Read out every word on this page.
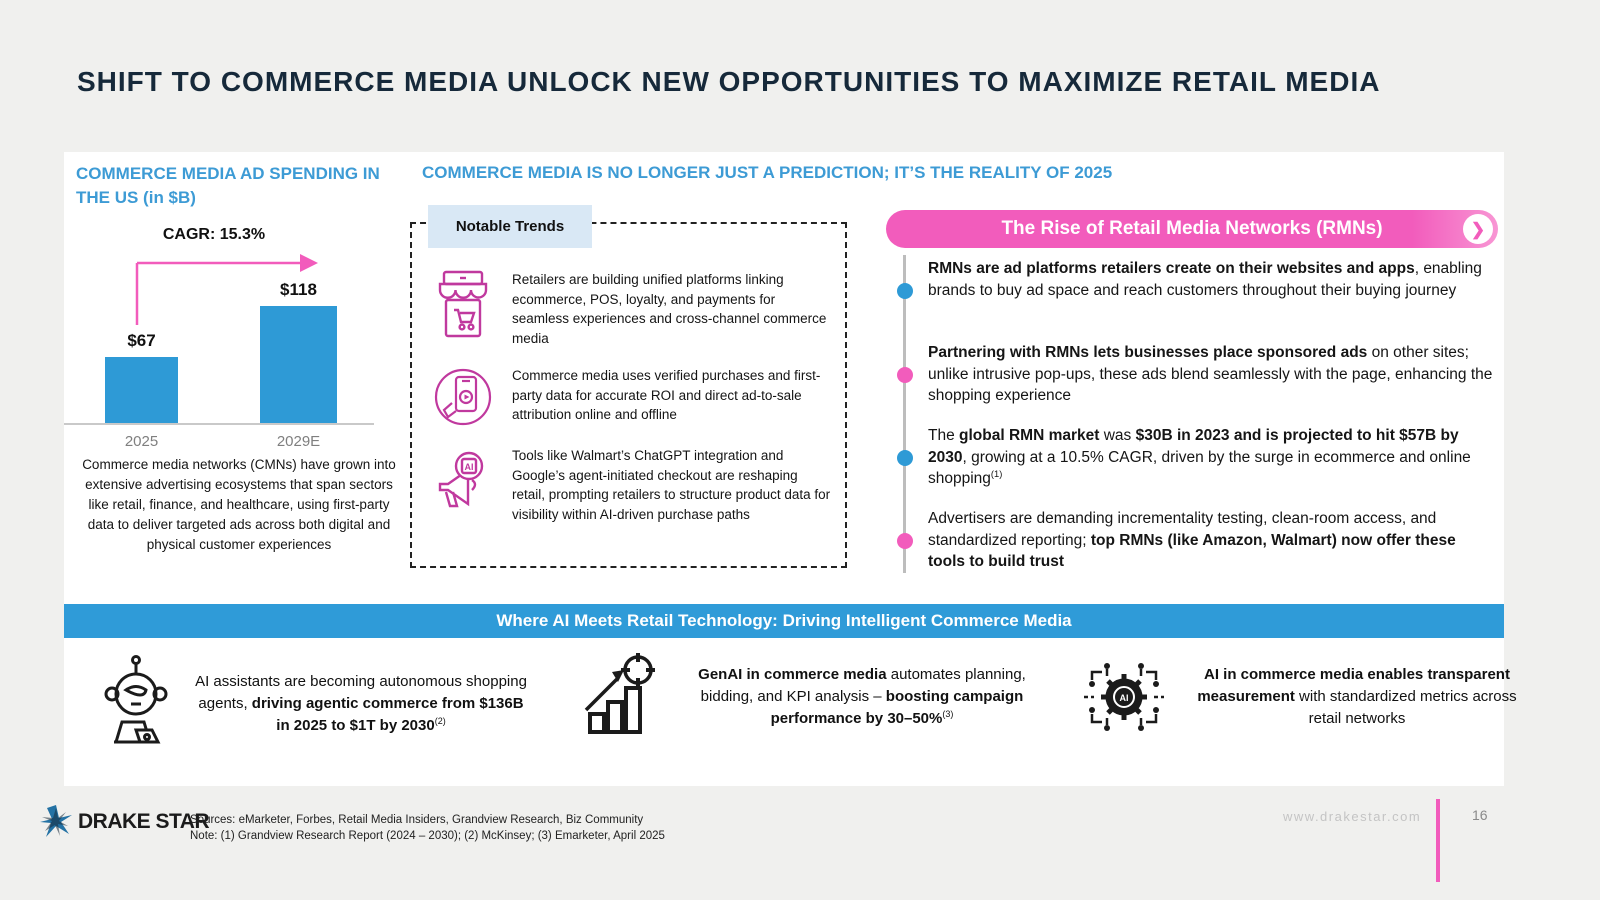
SHIFT TO COMMERCE MEDIA UNLOCK NEW OPPORTUNITIES TO MAXIMIZE RETAIL MEDIA
COMMERCE MEDIA AD SPENDING IN THE US (in $B)
CAGR: 15.3%
$67
$118
2025	2029E
Commerce media networks (CMNs) have grown into extensive advertising ecosystems that span sectors like retail, finance, and healthcare, using first-party data to deliver targeted ads across both digital and physical customer experiences
COMMERCE MEDIA IS NO LONGER JUST A PREDICTION; IT’S THE REALITY OF 2025
Notable Trends
Retailers are building unified platforms linking ecommerce, POS, loyalty, and payments for seamless experiences and cross-channel commerce media
Commerce media uses verified purchases and first-party data for accurate ROI and direct ad-to-sale attribution online and offline
AI
Tools like Walmart’s ChatGPT integration and Google’s agent-initiated checkout are reshaping retail, prompting retailers to structure product data for visibility within AI-driven purchase paths
The Rise of Retail Media Networks (RMNs)	❯
RMNs are ad platforms retailers create on their websites and apps, enabling brands to buy ad space and reach customers throughout their buying journey
Partnering with RMNs lets businesses place sponsored ads on other sites; unlike intrusive pop-ups, these ads blend seamlessly with the page, enhancing the shopping experience
The global RMN market was $30B in 2023 and is projected to hit $57B by 2030, growing at a 10.5% CAGR, driven by the surge in ecommerce and online shopping$^{(1)}$
Advertisers are demanding incrementality testing, clean-room access, and standardized reporting; top RMNs (like Amazon, Walmart) now offer these tools to build trust
Where AI Meets Retail Technology: Driving Intelligent Commerce Media
AI assistants are becoming autonomous shopping agents, driving agentic commerce from $136B in 2025 to $1T by 2030$^{(2)}$
GenAI in commerce media automates planning, bidding, and KPI analysis – boosting campaign performance by 30–50%$^{(3)}$
AI
AI in commerce media enables transparent measurement with standardized metrics across retail networks
DRAKE STAR
Sources: eMarketer, Forbes, Retail Media Insiders, Grandview Research, Biz Community
Note: (1) Grandview Research Report (2024 – 2030); (2) McKinsey; (3) Emarketer, April 2025
www.drakestar.com	16
